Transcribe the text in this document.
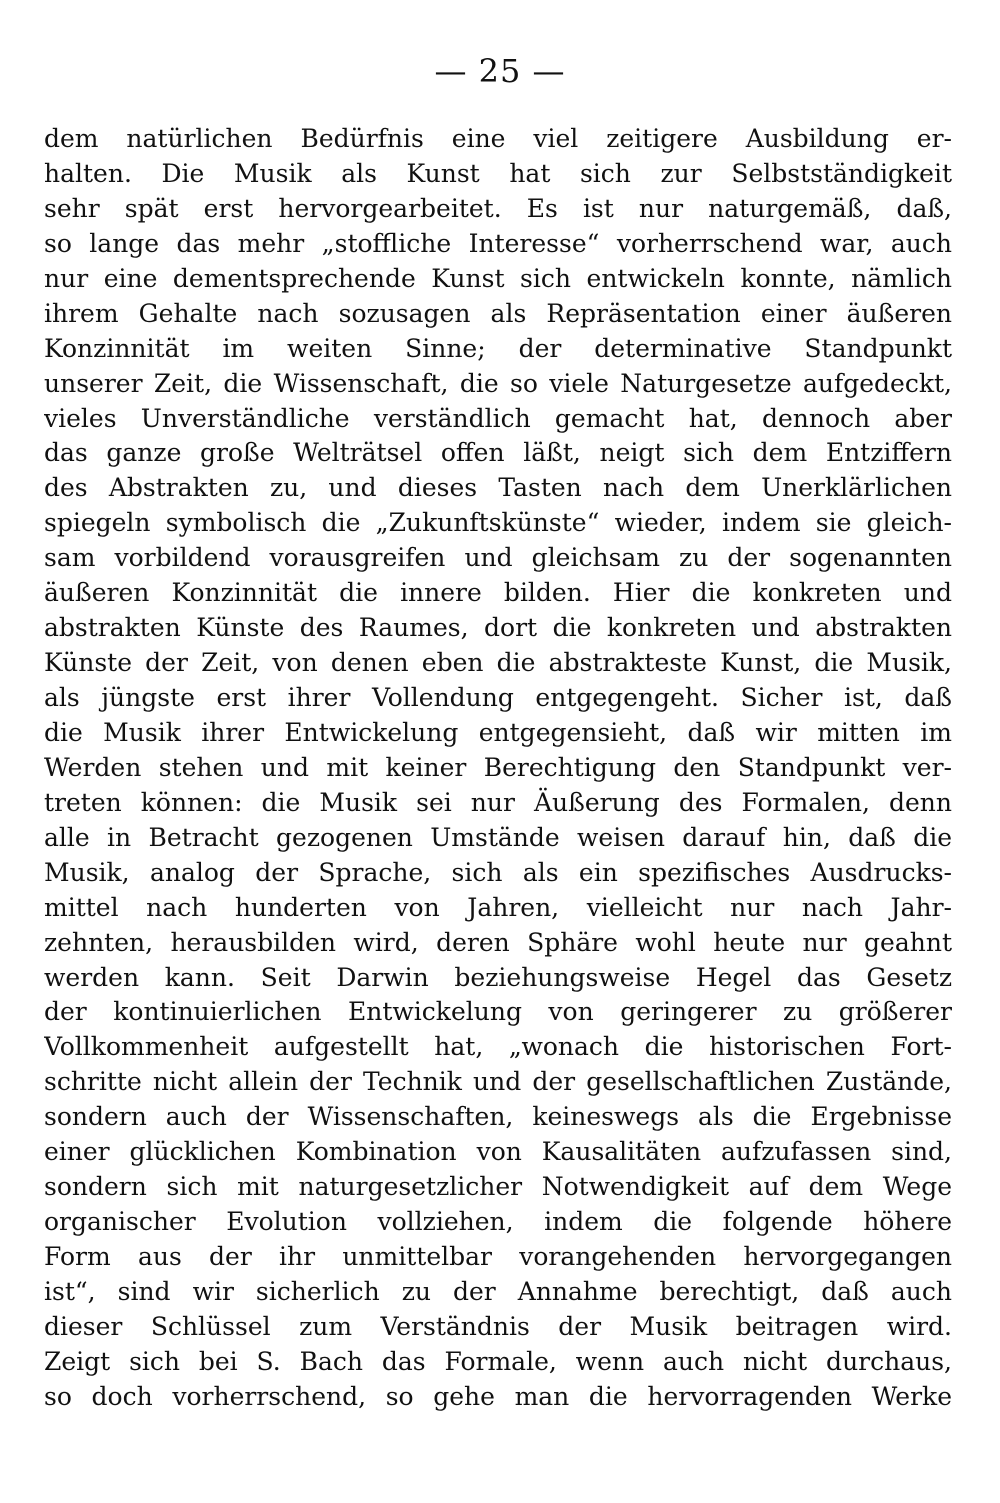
— 25 —
dem natürlichen Bedürfnis eine viel zeitigere Ausbildung er-
halten. Die Musik als Kunst hat sich zur Selbstständigkeit
sehr spät erst hervorgearbeitet. Es ist nur naturgemäß, daß,
so lange das mehr „stoffliche Interesse“ vorherrschend war, auch
nur eine dementsprechende Kunst sich entwickeln konnte, nämlich
ihrem Gehalte nach sozusagen als Repräsentation einer äußeren
Konzinnität im weiten Sinne; der determinative Standpunkt
unserer Zeit, die Wissenschaft, die so viele Naturgesetze aufgedeckt,
vieles Unverständliche verständlich gemacht hat, dennoch aber
das ganze große Welträtsel offen läßt, neigt sich dem Entziffern
des Abstrakten zu, und dieses Tasten nach dem Unerklärlichen
spiegeln symbolisch die „Zukunftskünste“ wieder, indem sie gleich-
sam vorbildend vorausgreifen und gleichsam zu der sogenannten
äußeren Konzinnität die innere bilden. Hier die konkreten und
abstrakten Künste des Raumes, dort die konkreten und abstrakten
Künste der Zeit, von denen eben die abstrakteste Kunst, die Musik,
als jüngste erst ihrer Vollendung entgegengeht. Sicher ist, daß
die Musik ihrer Entwickelung entgegensieht, daß wir mitten im
Werden stehen und mit keiner Berechtigung den Standpunkt ver-
treten können: die Musik sei nur Äußerung des Formalen, denn
alle in Betracht gezogenen Umstände weisen darauf hin, daß die
Musik, analog der Sprache, sich als ein spezifisches Ausdrucks-
mittel nach hunderten von Jahren, vielleicht nur nach Jahr-
zehnten, herausbilden wird, deren Sphäre wohl heute nur geahnt
werden kann. Seit Darwin beziehungsweise Hegel das Gesetz
der kontinuierlichen Entwickelung von geringerer zu größerer
Vollkommenheit aufgestellt hat, „wonach die historischen Fort-
schritte nicht allein der Technik und der gesellschaftlichen Zustände,
sondern auch der Wissenschaften, keineswegs als die Ergebnisse
einer glücklichen Kombination von Kausalitäten aufzufassen sind,
sondern sich mit naturgesetzlicher Notwendigkeit auf dem Wege
organischer Evolution vollziehen, indem die folgende höhere
Form aus der ihr unmittelbar vorangehenden hervorgegangen
ist“, sind wir sicherlich zu der Annahme berechtigt, daß auch
dieser Schlüssel zum Verständnis der Musik beitragen wird.
Zeigt sich bei S. Bach das Formale, wenn auch nicht durchaus,
so doch vorherrschend, so gehe man die hervorragenden Werke
